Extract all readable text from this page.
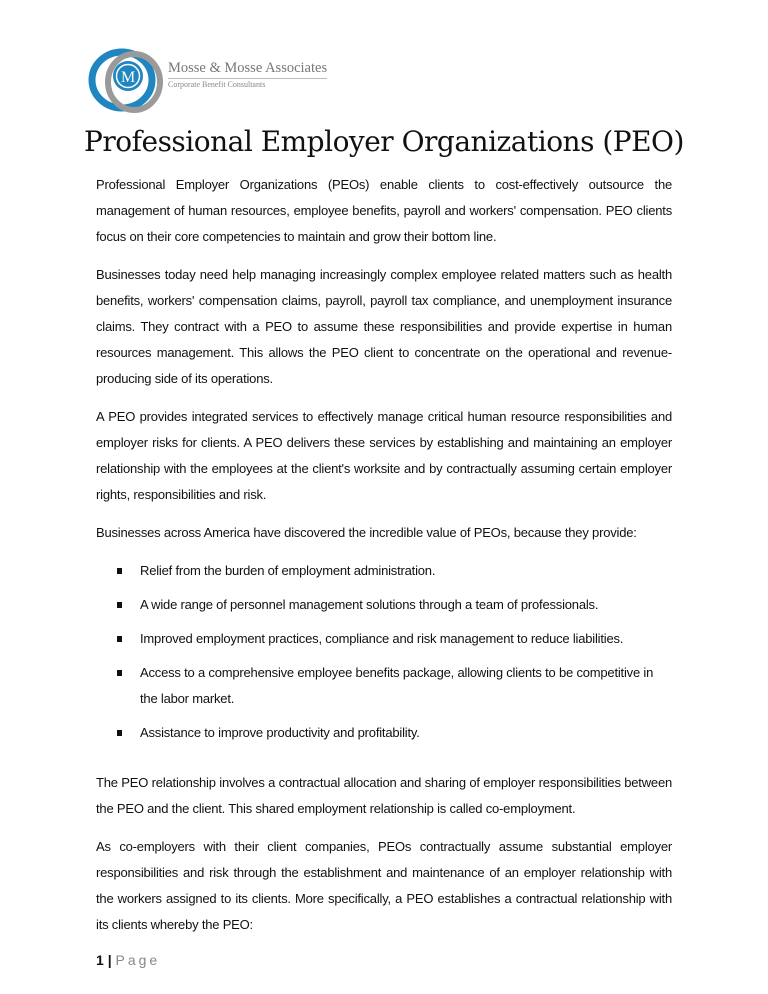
M
Mosse & Mosse Associates
Corporate Benefit Consultants
Professional Employer Organizations (PEO)

Professional Employer Organizations (PEOs) enable clients to cost-effectively outsource the management of human resources, employee benefits, payroll and workers' compensation. PEO clients focus on their core competencies to maintain and grow their bottom line.

Businesses today need help managing increasingly complex employee related matters such as health benefits, workers' compensation claims, payroll, payroll tax compliance, and unemployment insurance claims. They contract with a PEO to assume these responsibilities and provide expertise in human resources management. This allows the PEO client to concentrate on the operational and revenue-producing side of its operations.

A PEO provides integrated services to effectively manage critical human resource responsibilities and employer risks for clients. A PEO delivers these services by establishing and maintaining an employer relationship with the employees at the client's worksite and by contractually assuming certain employer rights, responsibilities and risk.

Businesses across America have discovered the incredible value of PEOs, because they provide:

Relief from the burden of employment administration.
A wide range of personnel management solutions through a team of professionals.
Improved employment practices, compliance and risk management to reduce liabilities.
Access to a comprehensive employee benefits package, allowing clients to be competitive in the labor market.
Assistance to improve productivity and profitability.

The PEO relationship involves a contractual allocation and sharing of employer responsibilities between the PEO and the client. This shared employment relationship is called co-employment.

As co-employers with their client companies, PEOs contractually assume substantial employer responsibilities and risk through the establishment and maintenance of an employer relationship with the workers assigned to its clients. More specifically, a PEO establishes a contractual relationship with its clients whereby the PEO:

1 | Page
